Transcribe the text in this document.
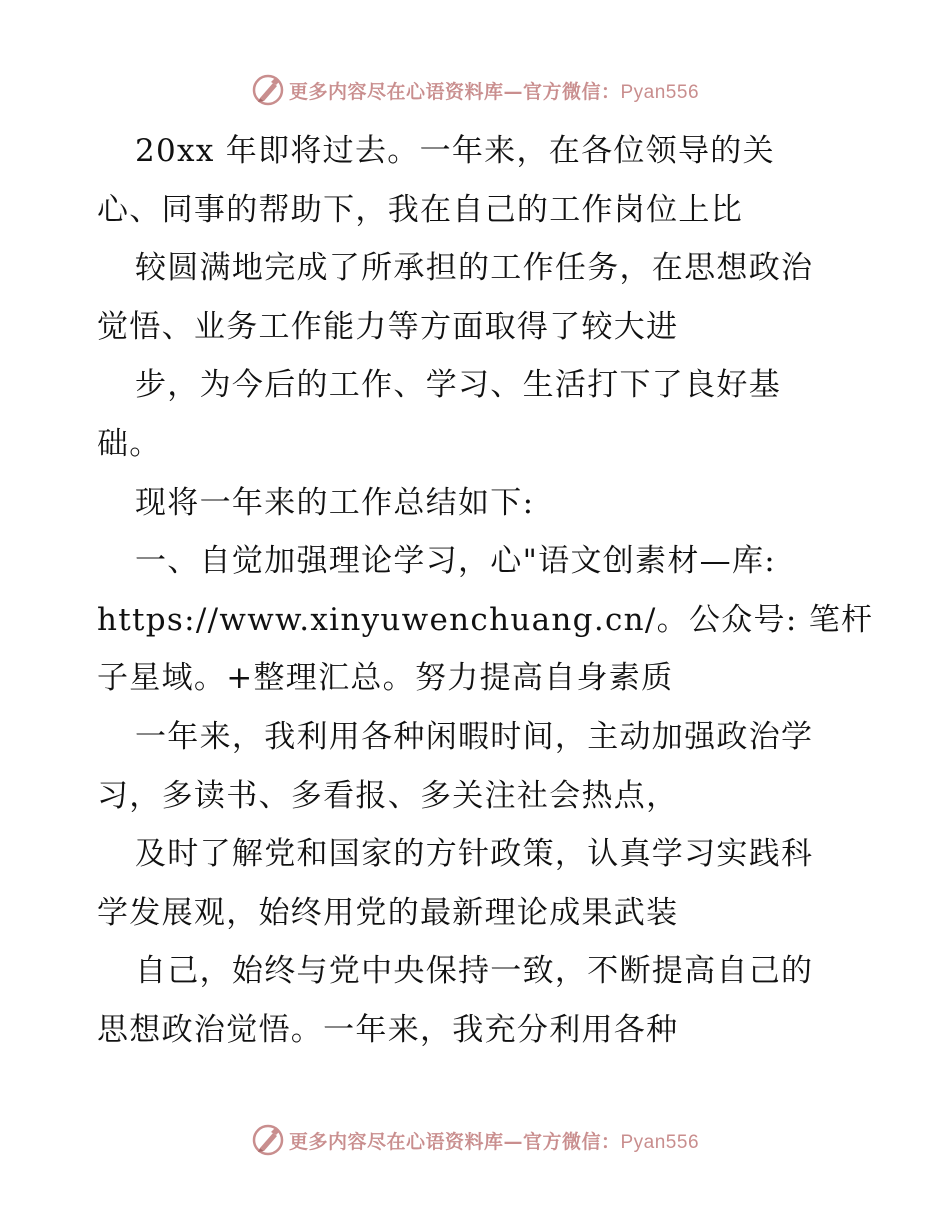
更多内容尽在心语资料库—官方微信：Pyan556
20xx 年即将过去。一年来，在各位领导的关
心、同事的帮助下，我在自己的工作岗位上比
较圆满地完成了所承担的工作任务，在思想政治
觉悟、业务工作能力等方面取得了较大进
步，为今后的工作、学习、生活打下了良好基
础。
现将一年来的工作总结如下:
一、自觉加强理论学习，心"语文创素材—库:
https://www.xinyuwenchuang.cn/。公众号: 笔杆
子星域。+整理汇总。努力提高自身素质
一年来，我利用各种闲暇时间，主动加强政治学
习，多读书、多看报、多关注社会热点，
及时了解党和国家的方针政策，认真学习实践科
学发展观，始终用党的最新理论成果武装
自己，始终与党中央保持一致，不断提高自己的
思想政治觉悟。一年来，我充分利用各种
更多内容尽在心语资料库—官方微信：Pyan556
